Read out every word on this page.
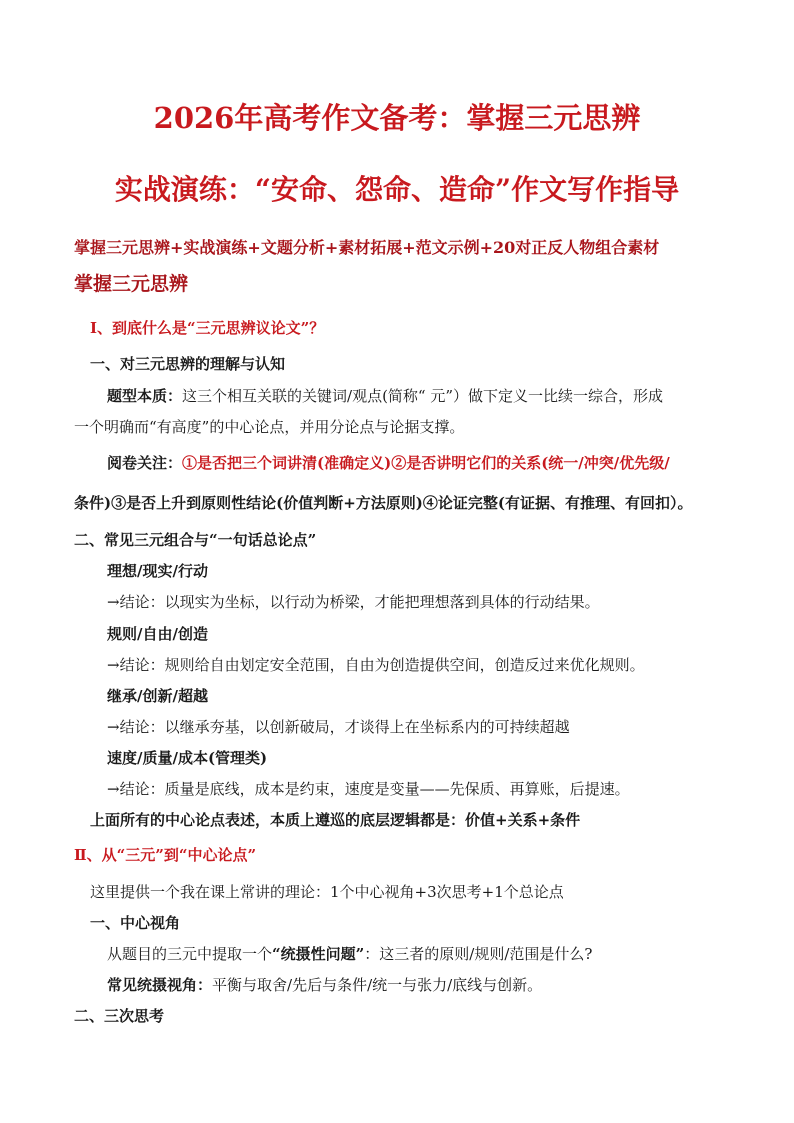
2026年高考作文备考：掌握三元思辨
实战演练：“安命、怨命、造命”作文写作指导
掌握三元思辨+实战演练+文题分析+素材拓展+范文示例+20对正反人物组合素材
掌握三元思辨
Ⅰ、到底什么是“三元思辨议论文”？
一、对三元思辨的理解与认知
题型本质：这三个相互关联的关键词/观点(简称“ 元”）做下定义一比续一综合，形成
一个明确而“有高度”的中心论点，并用分论点与论据支撑。
阅卷关注：①是否把三个词讲清(准确定义)②是否讲明它们的关系(统一/冲突/优先级/
条件)③是否上升到原则性结论(价值判断+方法原则)④论证完整(有证据、有推理、有回扣）。
二、常见三元组合与“一句话总论点”
理想/现实/行动
→结论：以现实为坐标，以行动为桥梁，才能把理想落到具体的行动结果。
规则/自由/创造
→结论：规则给自由划定安全范围，自由为创造提供空间，创造反过来优化规则。
继承/创新/超越
→结论：以继承夯基，以创新破局，才谈得上在坐标系内的可持续超越
速度/质量/成本(管理类)
→结论：质量是底线，成本是约束，速度是变量——先保质、再算账，后提速。
上面所有的中心论点表述，本质上遵巡的底层逻辑都是：价值+关系+条件
Ⅱ、从“三元”到“中心论点”
这里提供一个我在课上常讲的理论：1个中心视角+3次思考+1个总论点
一、中心视角
从题目的三元中提取一个“统摄性问题”：这三者的原则/规则/范围是什么?
常见统摄视角：平衡与取舍/先后与条件/统一与张力/底线与创新。
二、三次思考
